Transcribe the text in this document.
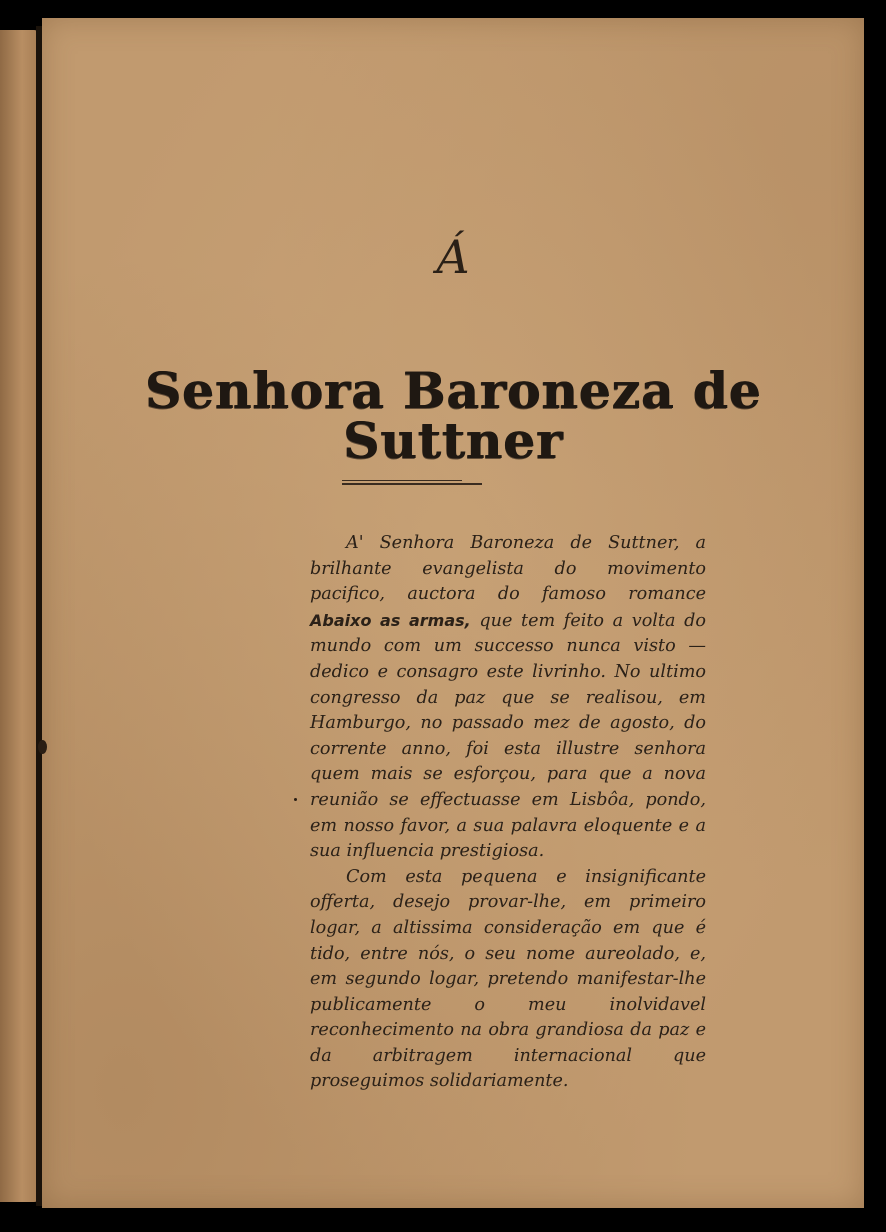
Á
Senhora Baroneza de Suttner

A' Senhora Baroneza de Suttner, a brilhante evangelista do movimento pacifico, auctora do famoso romance Abaixo as armas, que tem feito a volta do mundo com um successo nunca visto — dedico e consagro este livrinho. No ultimo congresso da paz que se realisou, em Hamburgo, no passado mez de agosto, do corrente anno, foi esta illustre senhora quem mais se esforçou, para que a nova reunião se effectuasse em Lisbôa, pondo, em nosso favor, a sua palavra eloquente e a sua influencia prestigiosa.

Com esta pequena e insignificante offerta, desejo provar-lhe, em primeiro logar, a altissima consideração em que é tido, entre nós, o seu nome aureolado, e, em segundo logar, pretendo manifestar-lhe publicamente o meu inolvidavel reconhecimento na obra grandiosa da paz e da arbitragem internacional que proseguimos solidariamente.
